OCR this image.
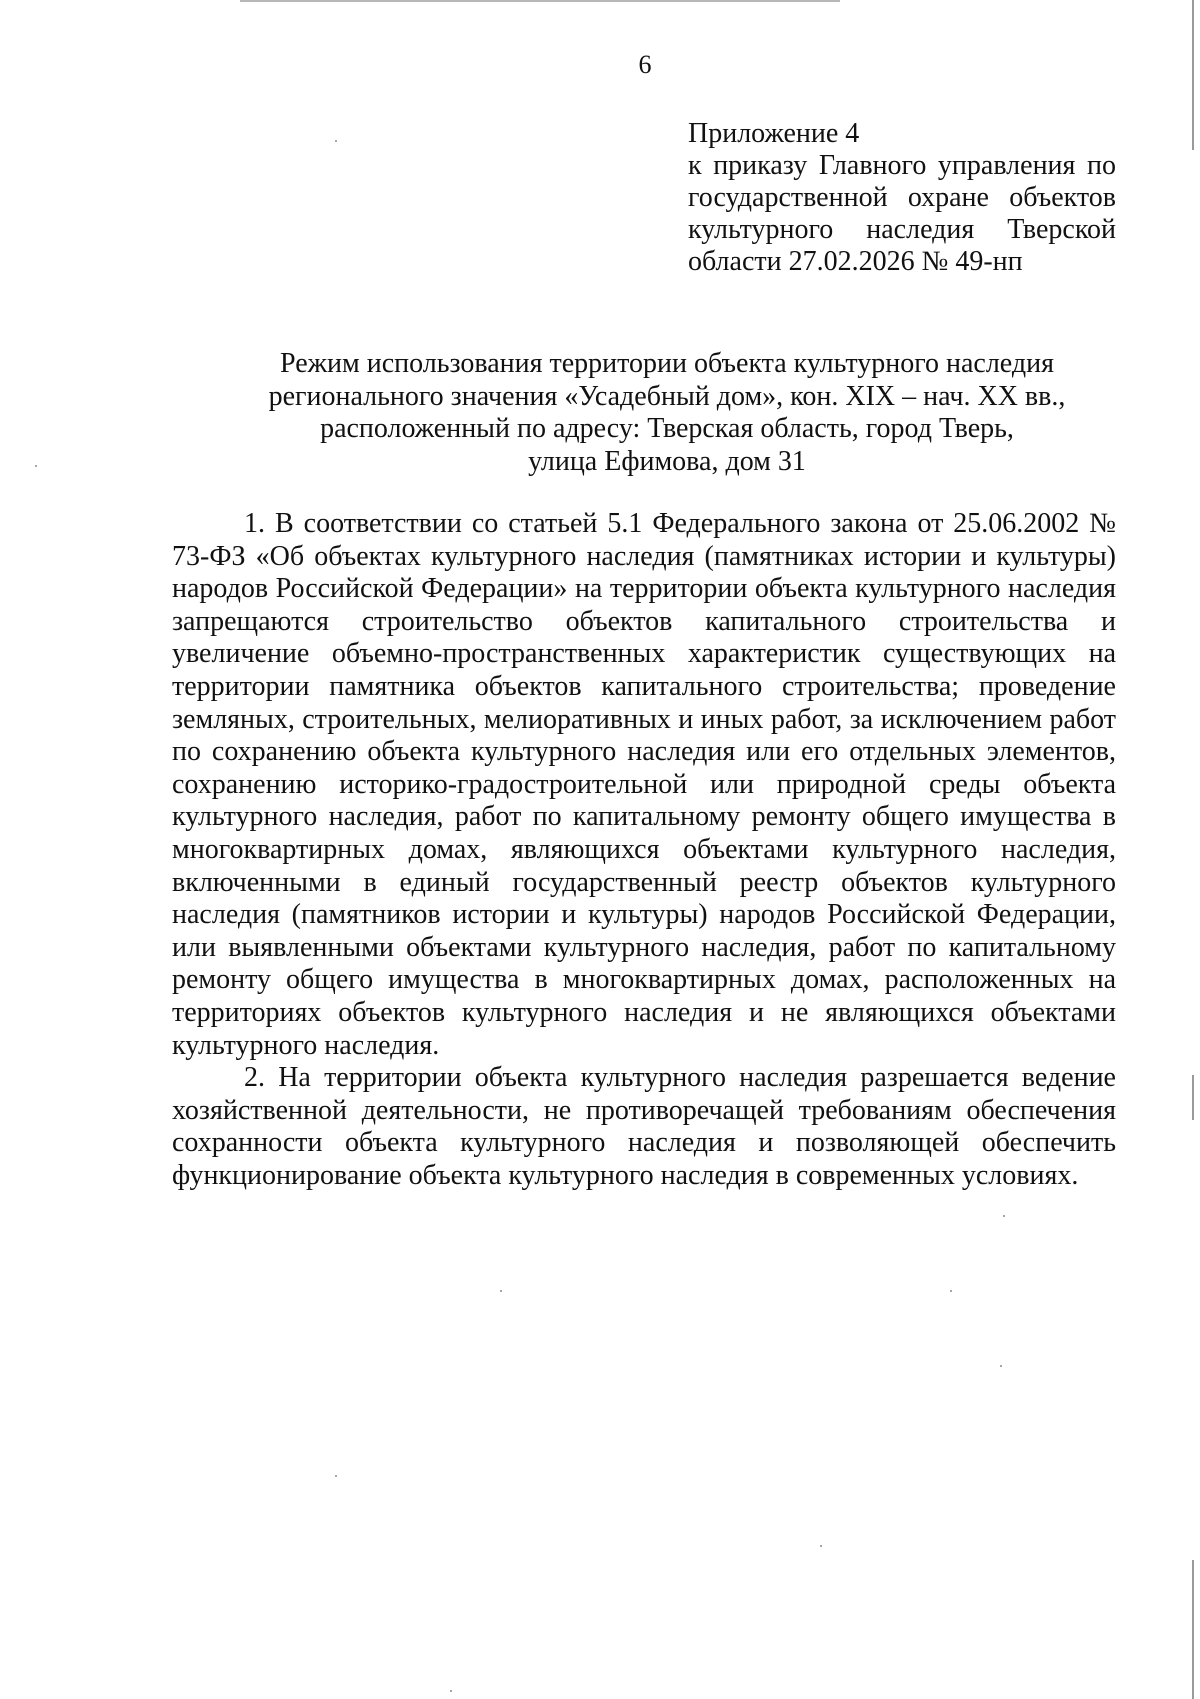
6
Приложение 4
к приказу Главного управления по государственной охране объектов культурного наследия Тверской области 27.02.2026 № 49-нп
Режим использования территории объекта культурного наследия
регионального значения «Усадебный дом», кон. XIX – нач. XX вв.,
расположенный по адресу: Тверская область, город Тверь,
улица Ефимова, дом 31

1. В соответствии со статьей 5.1 Федерального закона от 25.06.2002 № 73-ФЗ «Об объектах культурного наследия (памятниках истории и культуры) народов Российской Федерации» на территории объекта культурного наследия запрещаются строительство объектов капитального строительства и увеличение объемно-пространственных характеристик существующих на территории памятника объектов капитального строительства; проведение земляных, строительных, мелиоративных и иных работ, за исключением работ по сохранению объекта культурного наследия или его отдельных элементов, сохранению историко-градостроительной или природной среды объекта культурного наследия, работ по капитальному ремонту общего имущества в многоквартирных домах, являющихся объектами культурного наследия, включенными в единый государственный реестр объектов культурного наследия (памятников истории и культуры) народов Российской Федерации, или выявленными объектами культурного наследия, работ по капитальному ремонту общего имущества в многоквартирных домах, расположенных на территориях объектов культурного наследия и не являющихся объектами культурного наследия.

2. На территории объекта культурного наследия разрешается ведение хозяйственной деятельности, не противоречащей требованиям обеспечения сохранности объекта культурного наследия и позволяющей обеспечить функционирование объекта культурного наследия в современных условиях.
